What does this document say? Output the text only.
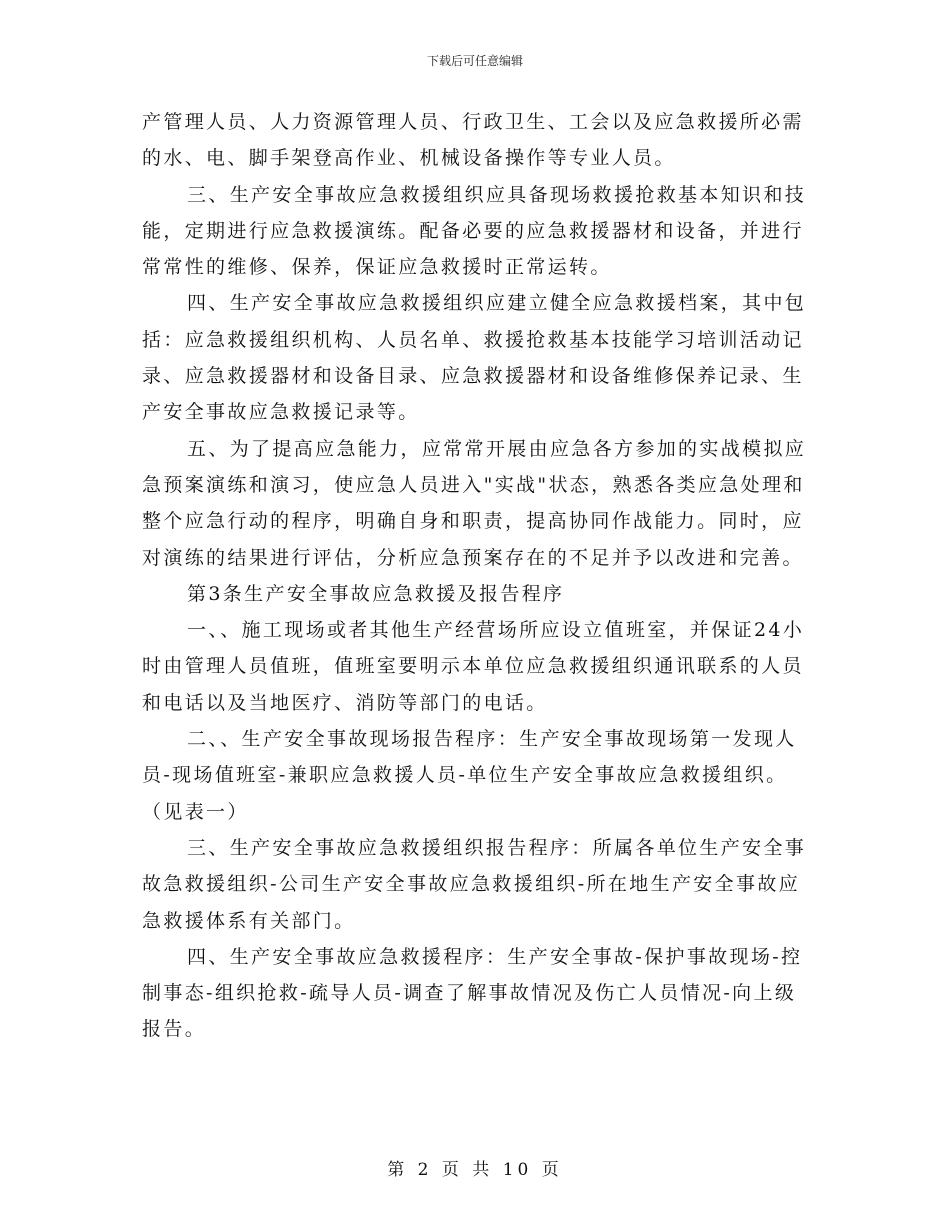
下载后可任意编辑

产管理人员、人力资源管理人员、行政卫生、工会以及应急救援所必需的水、电、脚手架登高作业、机械设备操作等专业人员。

三、生产安全事故应急救援组织应具备现场救援抢救基本知识和技能，定期进行应急救援演练。配备必要的应急救援器材和设备，并进行常常性的维修、保养，保证应急救援时正常运转。

四、生产安全事故应急救援组织应建立健全应急救援档案，其中包括：应急救援组织机构、人员名单、救援抢救基本技能学习培训活动记录、应急救援器材和设备目录、应急救援器材和设备维修保养记录、生产安全事故应急救援记录等。

五、为了提高应急能力，应常常开展由应急各方参加的实战模拟应急预案演练和演习，使应急人员进入"实战"状态，熟悉各类应急处理和整个应急行动的程序，明确自身和职责，提高协同作战能力。同时，应对演练的结果进行评估，分析应急预案存在的不足并予以改进和完善。

第3条生产安全事故应急救援及报告程序

一、、施工现场或者其他生产经营场所应设立值班室，并保证24小时由管理人员值班，值班室要明示本单位应急救援组织通讯联系的人员和电话以及当地医疗、消防等部门的电话。

二、、生产安全事故现场报告程序：生产安全事故现场第一发现人员-现场值班室-兼职应急救援人员-单位生产安全事故应急救援组织。（见表一）

三、生产安全事故应急救援组织报告程序：所属各单位生产安全事故急救援组织-公司生产安全事故应急救援组织-所在地生产安全事故应急救援体系有关部门。

四、生产安全事故应急救援程序：生产安全事故-保护事故现场-控制事态-组织抢救-疏导人员-调查了解事故情况及伤亡人员情况-向上级报告。

第 2 页 共 10 页
